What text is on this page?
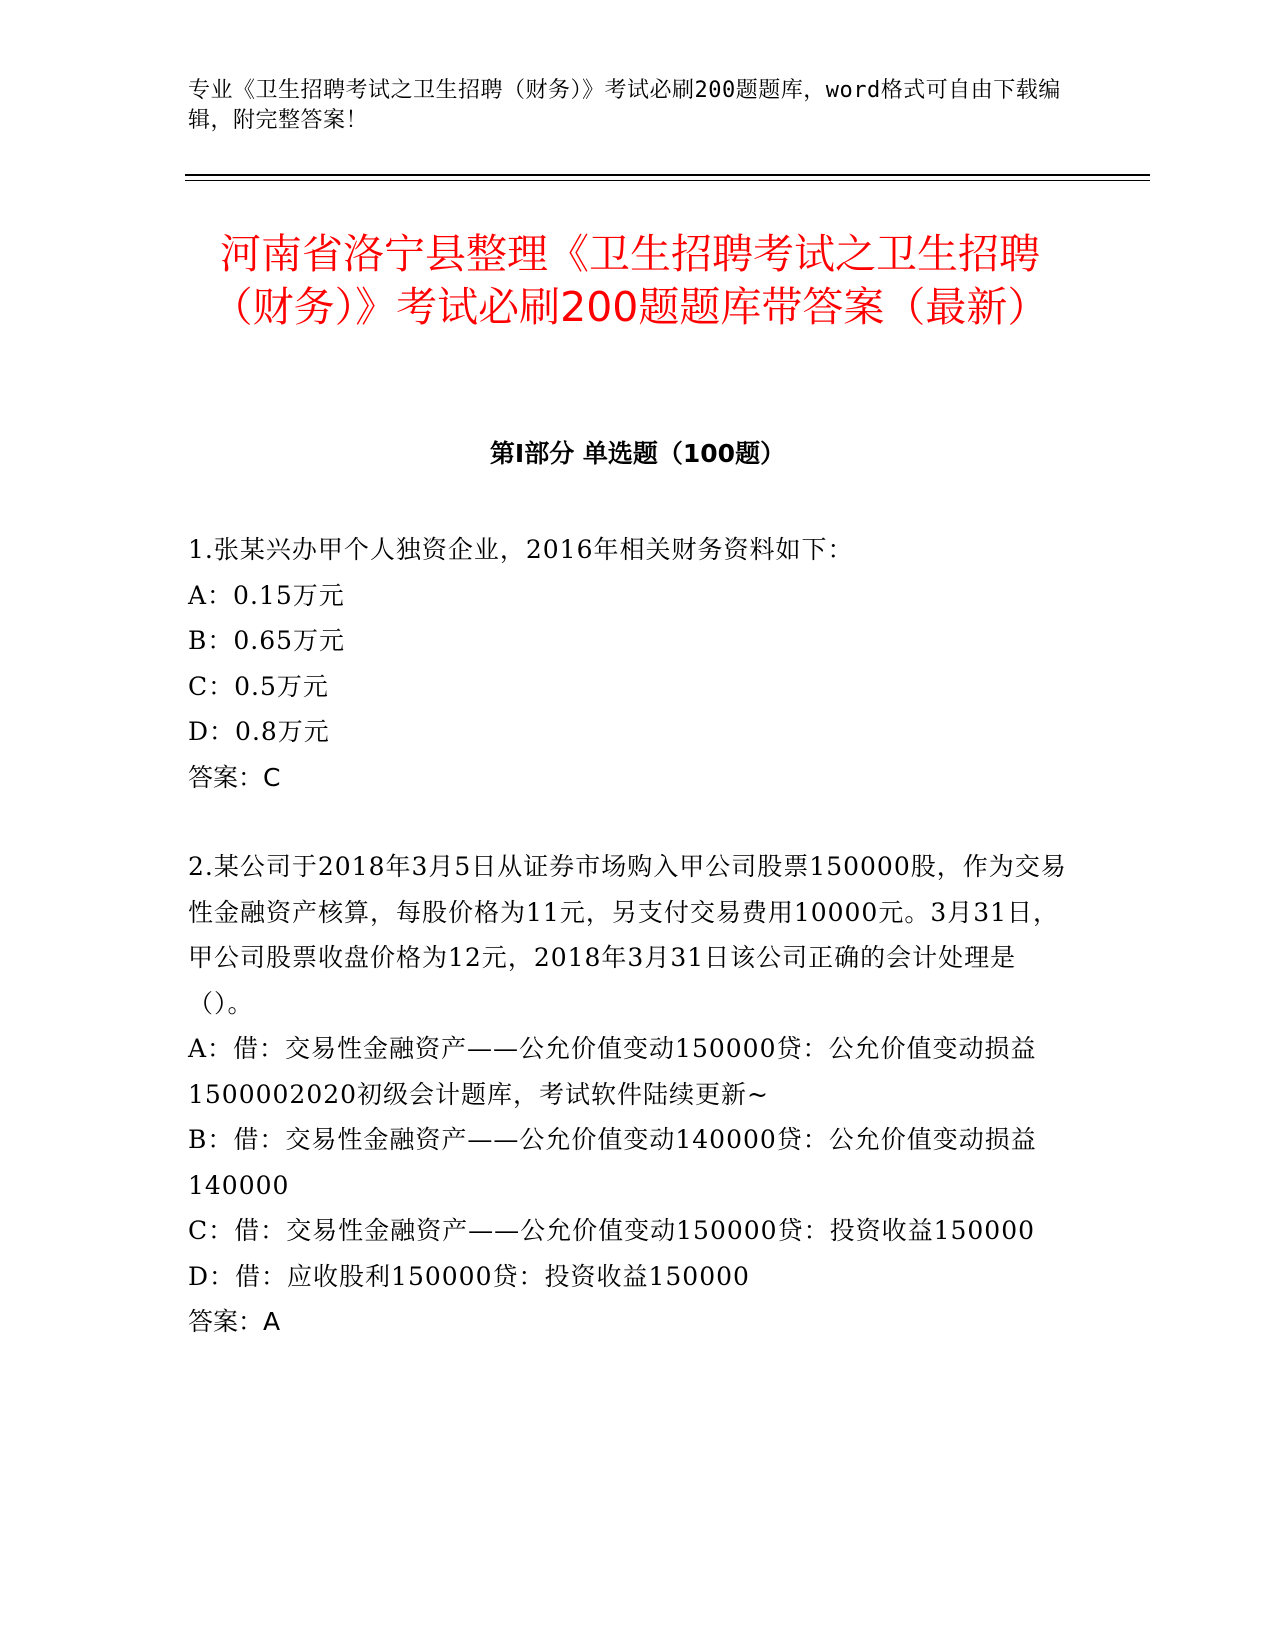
专业《卫生招聘考试之卫生招聘（财务）》考试必刷200题题库，word格式可自由下载编辑，附完整答案！
河南省洛宁县整理《卫生招聘考试之卫生招聘（财务）》考试必刷200题题库带答案（最新）
第Ⅰ部分 单选题（100题）

1.张某兴办甲个人独资企业，2016年相关财务资料如下：

A：0.15万元

B：0.65万元

C：0.5万元

D：0.8万元

答案：C

2.某公司于2018年3月5日从证券市场购入甲公司股票150000股，作为交易性金融资产核算，每股价格为11元，另支付交易费用10000元。3月31日，甲公司股票收盘价格为12元，2018年3月31日该公司正确的会计处理是（）。

A：借：交易性金融资产——公允价值变动150000贷：公允价值变动损益1500002020初级会计题库，考试软件陆续更新~

B：借：交易性金融资产——公允价值变动140000贷：公允价值变动损益140000

C：借：交易性金融资产——公允价值变动150000贷：投资收益150000

D：借：应收股利150000贷：投资收益150000

答案：A
